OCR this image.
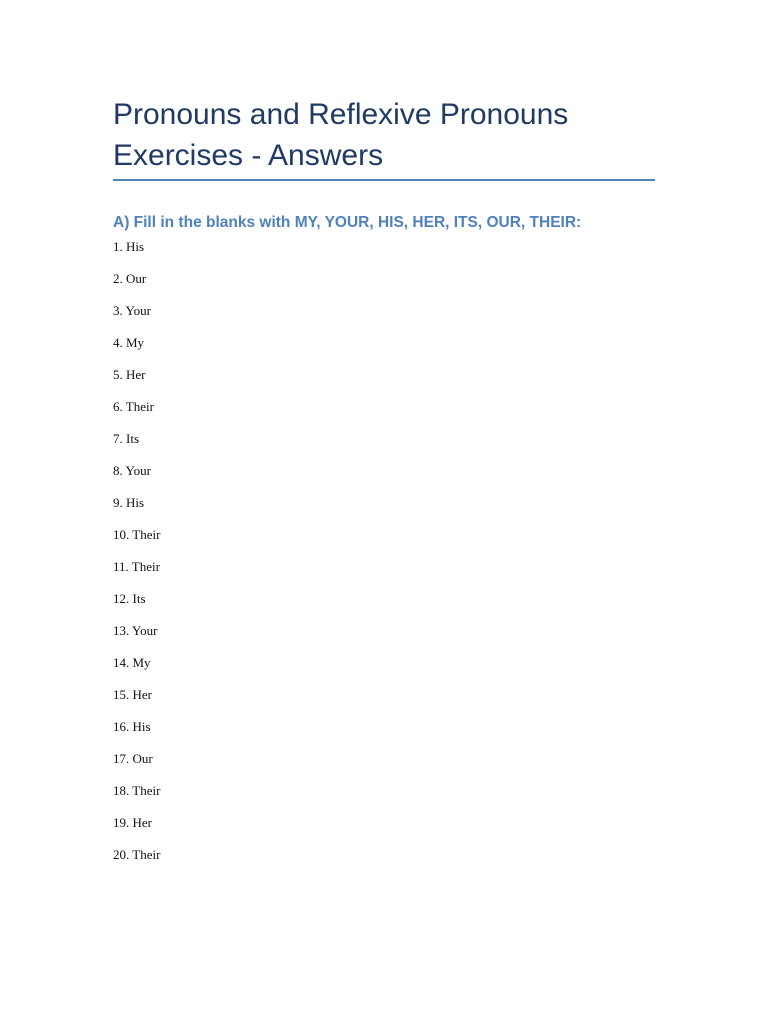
Pronouns and Reflexive Pronouns Exercises - Answers
A) Fill in the blanks with MY, YOUR, HIS, HER, ITS, OUR, THEIR:
1. His
2. Our
3. Your
4. My
5. Her
6. Their
7. Its
8. Your
9. His
10. Their
11. Their
12. Its
13. Your
14. My
15. Her
16. His
17. Our
18. Their
19. Her
20. Their
